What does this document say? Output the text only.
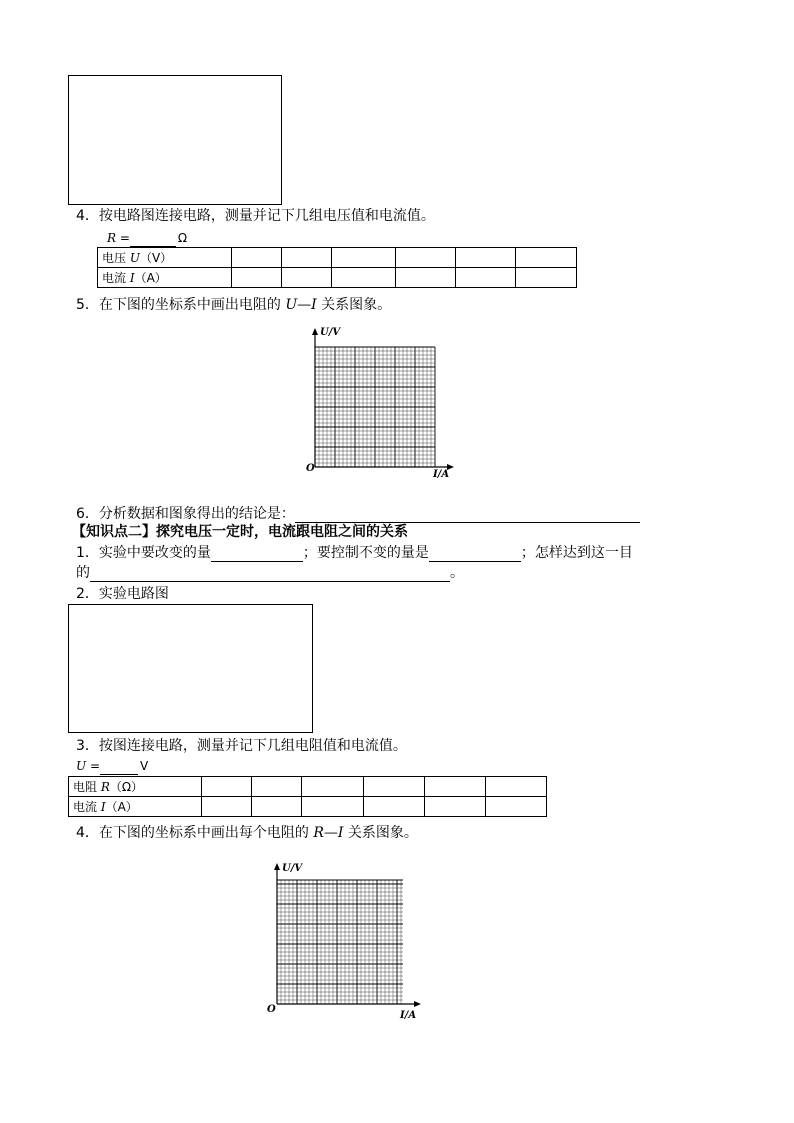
4．按电路图连接电路，测量并记下几组电压值和电流值。
R =	Ω
电压 U（V）						
电流 I（A）						
5．在下图的坐标系中画出电阻的 U—I 关系图象。
U/V
I/A
O
6．分析数据和图象得出的结论是：
【知识点二】探究电压一定时，电流跟电阻之间的关系
1．实验中要改变的量	；要控制不变的量是	；怎样达到这一目
的	。
2．实验电路图
3．按图连接电路，测量并记下几组电阻值和电流值。
U =	V
电阻 R（Ω）						
电流 I（A）						
4．在下图的坐标系中画出每个电阻的 R—I 关系图象。
U/V
I/A
O
